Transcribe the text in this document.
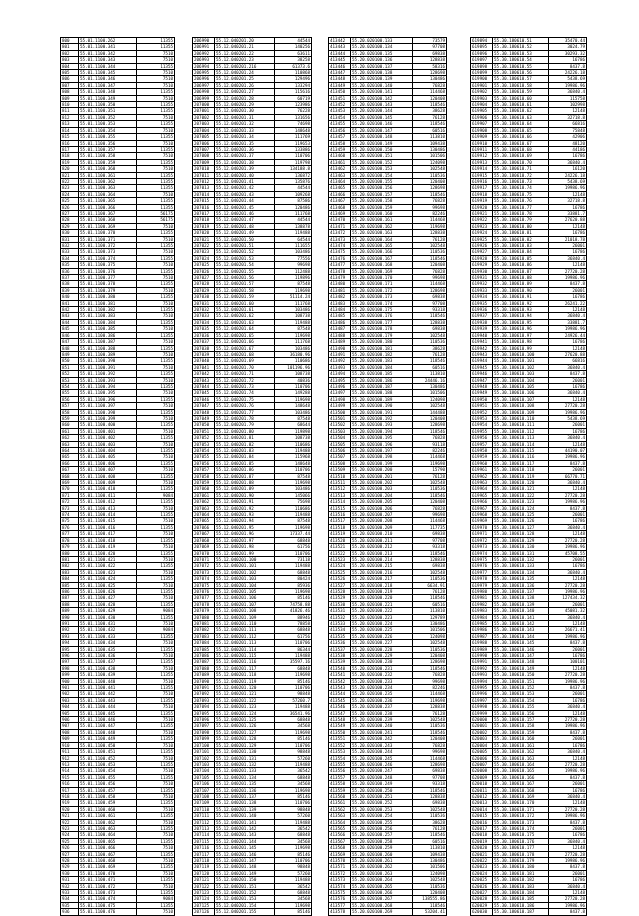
800	55.01.1100.262	11355
801	55.01.1100.341	11355
802	55.01.1100.342	7510
803	55.01.1100.343	7510
804	55.01.1100.344	11355
805	55.01.1100.345	7510
806	55.01.1100.346	7510
807	55.01.1100.347	7510
808	55.01.1100.348	11355
809	55.01.1100.349	7510
810	55.01.1100.350	11355
811	55.01.1100.351	11355
812	55.01.1100.352	7510
813	55.01.1100.353	11355
814	55.01.1100.354	7510
815	55.01.1100.355	11355
816	55.01.1100.356	7510
817	55.01.1100.357	11355
818	55.01.1100.358	7510
819	55.01.1100.359	11355
820	55.01.1100.360	7510
821	55.01.1100.361	11355
822	55.01.1100.362	11355
823	55.01.1100.363	11355
824	55.01.1100.364	7510
825	55.01.1100.365	11355
826	55.01.1100.366	11355
827	55.01.1100.367	56175
828	55.01.1100.368	56175
829	55.01.1100.369	7510
830	55.01.1100.370	11355
831	55.01.1100.371	7510
832	55.01.1100.372	11355
833	55.01.1100.373	7510
834	55.01.1100.374	11355
835	55.01.1100.375	7510
836	55.01.1100.376	11355
837	55.01.1100.377	7510
838	55.01.1100.378	11355
839	55.01.1100.379	7510
840	55.01.1100.380	11355
841	55.01.1100.381	7510
842	55.01.1100.382	11355
843	55.01.1100.383	7510
844	55.01.1100.384	11355
845	55.01.1100.385	7510
846	55.01.1100.386	11355
847	55.01.1100.387	7510
848	55.01.1100.388	11355
849	55.01.1100.389	7510
850	55.01.1100.390	11355
851	55.01.1100.391	7510
852	55.01.1100.392	11355
853	55.01.1100.393	7510
854	55.01.1100.394	11355
855	55.01.1100.395	7510
856	55.01.1100.396	11355
857	55.01.1100.397	7510
858	55.01.1100.398	11355
859	55.01.1100.399	7510
860	55.01.1100.400	11355
861	55.01.1100.401	7510
862	55.01.1100.402	11355
863	55.01.1100.403	7510
864	55.01.1100.404	11355
865	55.01.1100.405	7510
866	55.01.1100.406	11355
867	55.01.1100.407	7510
868	55.01.1100.408	11355
869	55.01.1100.409	7510
870	55.01.1100.410	11355
871	55.01.1100.411	9084
872	55.01.1100.412	11355
873	55.01.1100.413	7510
874	55.01.1100.414	11355
875	55.01.1100.415	7510
876	55.01.1100.416	11355
877	55.01.1100.417	7510
878	55.01.1100.418	11355
879	55.01.1100.419	7510
880	55.01.1100.420	11355
881	55.01.1100.421	7510
882	55.01.1100.422	11355
883	55.01.1100.423	7510
884	55.01.1100.424	11355
885	55.01.1100.425	7510
886	55.01.1100.426	11355
887	55.01.1100.427	7510
888	55.01.1100.428	11355
889	55.01.1100.429	9084
890	55.01.1100.430	11355
891	55.01.1100.431	7510
892	55.01.1100.432	9084
893	55.01.1100.433	11355
894	55.01.1100.434	7510
895	55.01.1100.435	11355
896	55.01.1100.436	7510
897	55.01.1100.437	11355
898	55.01.1100.438	7510
899	55.01.1100.439	11355
900	55.01.1100.440	7510
901	55.01.1100.441	11355
902	55.01.1100.442	7510
903	55.01.1100.443	11355
904	55.01.1100.444	7510
905	55.01.1100.445	11355
906	55.01.1100.446	7510
907	55.01.1100.447	11355
908	55.01.1100.448	7510
909	55.01.1100.449	11355
910	55.01.1100.450	7510
911	55.01.1100.451	11355
912	55.01.1100.452	7510
913	55.01.1100.453	11355
914	55.01.1100.454	7510
915	55.01.1100.455	11355
916	55.01.1100.456	7510
917	55.01.1100.457	11355
918	55.01.1100.458	7510
919	55.01.1100.459	11355
920	55.01.1100.460	7510
921	55.01.1100.461	11355
922	55.01.1100.462	7510
923	55.01.1100.463	11355
924	55.01.1100.464	7510
925	55.01.1100.465	11355
926	55.01.1100.466	7510
927	55.01.1100.467	11355
928	55.01.1100.468	7510
929	55.01.1100.469	11355
930	55.01.1100.470	7510
931	55.01.1100.471	11355
932	55.01.1100.472	7510
933	55.01.1100.473	11355
934	55.01.1100.474	9084
935	55.01.1100.475	11355
936	55.01.1100.476	7510
206990	55.12.040201.20	44544
206991	55.12.040201.21	140256
206992	55.12.040201.22	63611
206993	55.12.040201.23	38258
206994	55.12.040201.216	61373.6
206995	55.12.040201.24	110868
206996	55.12.040201.25	129496
206997	55.12.040201.26	133294
206998	55.12.040201.27	115616
206999	55.12.040201.28	60719
207000	55.12.040201.29	123986
207001	55.12.040201.30	76228
207002	55.12.040201.31	131656
207003	55.12.040201.32	74698
207004	55.12.040201.33	148648
207005	55.12.040201.34	111769
207006	55.12.040201.35	119653
207007	55.12.040201.36	133886
207008	55.12.040201.37	110706
207009	55.12.040201.38	119798
207010	55.12.040201.39	134188.8
207011	55.12.040201.40	136872
207012	55.12.040201.41	135876
207013	55.12.040201.42	44544
207014	55.12.040201.43	109268
207015	55.12.040201.44	87586
207016	55.12.040201.45	120486
207017	55.12.040201.46	111768
207018	55.12.040201.47	44544
207019	55.12.040201.48	138878
207020	55.12.040201.49	119488
207021	55.12.040201.50	64544
207022	55.12.040201.51	111655
207023	55.12.040201.52	103486
207024	55.12.040201.53	77556
207025	55.12.040201.54	99698
207026	55.12.040201.55	112488
207027	55.12.040201.56	119896
207028	55.12.040201.57	87548
207029	55.12.040201.58	119698
207030	55.12.040201.59	51114.24
207031	55.12.040201.60	111768
207032	55.12.040201.61	103486
207033	55.12.040201.62	108738
207034	55.12.040201.63	119488
207035	55.12.040201.64	87548
207036	55.12.040201.65	119698
207037	55.12.040201.66	111768
207038	55.12.040201.67	103486
207039	55.12.040201.68	36180.96
207040	55.12.040201.69	110686
207041	55.12.040201.70	101196.96
207042	55.12.040201.71	108738
207043	55.12.040201.72	40836
207044	55.12.040201.73	110706
207045	55.12.040201.74	149288
207046	55.12.040201.75	119698
207047	55.12.040201.76	148648
207048	55.12.040201.77	103486
207049	55.12.040201.78	87548
207050	55.12.040201.79	68644
207051	55.12.040201.80	119898
207052	55.12.040201.81	108738
207053	55.12.040201.82	110686
207054	55.12.040201.83	119488
207055	55.12.040201.84	115968
207056	55.12.040201.85	148648
207057	55.12.040201.86	110706
207058	55.12.040201.87	87548
207059	55.12.040201.88	119698
207060	55.12.040201.89	103486
207061	55.12.040201.90	145066
207062	55.12.040201.91	75698
207063	55.12.040201.92	110686
207064	55.12.040201.93	119488
207065	55.12.040201.94	87548
207066	55.12.040201.95	119698
207067	55.12.040201.96	17337.44
207068	55.12.040201.97	68848
207069	55.12.040201.98	61756
207070	55.12.040201.99	110706
207071	55.12.040201.100	73118
207072	55.12.040201.101	119488
207073	55.12.040201.102	68848
207074	55.12.040201.103	80424
207075	55.12.040201.104	85936
207076	55.12.040201.105	119698
207077	55.12.040201.106	85146
207078	55.12.040201.107	74758.88
207079	55.12.040201.108	41826.46
207080	55.12.040201.109	88946
207081	55.12.040201.110	78858
207082	55.12.040201.111	68848
207083	55.12.040201.112	61756
207084	55.12.040201.113	110706
207085	55.12.040201.114	86344
207086	55.12.040201.115	119488
207087	55.12.040201.116	35597.16
207088	55.12.040201.117	68848
207089	55.12.040201.118	119698
207090	55.12.040201.119	85146
207091	55.12.040201.120	110706
207092	55.12.040201.121	98848
207093	55.12.040201.122	57260.7
207094	55.12.040201.123	119488
207095	55.12.040201.124	36541.96
207096	55.12.040201.125	68848
207097	55.12.040201.126	34568
207098	55.12.040201.127	119698
207099	55.12.040201.128	85146
207100	55.12.040201.129	110706
207101	55.12.040201.130	98848
207102	55.12.040201.131	57260
207103	55.12.040201.132	119488
207104	55.12.040201.133	36542
207105	55.12.040201.134	68848
207106	55.12.040201.135	34568
207107	55.12.040201.136	119698
207108	55.12.040201.137	85146
207109	55.12.040201.138	110706
207110	55.12.040201.139	98848
207111	55.12.040201.140	57260
207112	55.12.040201.141	119488
207113	55.12.040201.142	36542
207114	55.12.040201.143	68848
207115	55.12.040201.144	34568
207116	55.12.040201.145	119698
207117	55.12.040201.146	85146
207118	55.12.040201.147	110706
207119	55.12.040201.148	98848
207120	55.12.040201.149	57260
207121	55.12.040201.150	119488
207122	55.12.040201.151	36542
207123	55.12.040201.152	68848
207124	55.12.040201.153	34568
207125	55.12.040201.154	119698
207126	55.12.040201.155	85146
413442	55.20.020100.133	73579
413443	55.20.020100.134	97708
413444	55.20.020100.135	69838
413445	55.20.020100.136	128838
413446	55.20.020100.137	58316
413447	55.20.020100.138	128698
413448	55.20.020100.139	130486
413449	55.20.020100.140	76828
413450	55.20.020100.141	114468
413451	55.20.020100.142	120408
413452	55.20.020100.143	118546
413453	55.20.020100.144	38628
413454	55.20.020100.145	76128
413455	55.20.020100.146	118546
413456	55.20.020100.147	60516
413457	55.20.020100.148	113810
413458	55.20.020100.149	109438
413459	55.20.020100.150	130486
413460	55.20.020100.151	101506
413461	55.20.020100.152	124098
413462	55.20.020100.153	102548
413463	55.20.020100.154	110536
413464	55.20.020100.155	120408
413465	55.20.020100.156	128698
413466	55.20.020100.157	118546
413467	55.20.020100.158	76828
413468	55.20.020100.159	99698
413469	55.20.020100.160	82246
413470	55.20.020100.161	114468
413471	55.20.020100.162	119698
413472	55.20.020100.163	128838
413473	55.20.020100.164	76128
413474	55.20.020100.165	102548
413475	55.20.020100.166	110536
413476	55.20.020100.167	118546
413477	55.20.020100.168	120408
413478	55.20.020100.169	76828
413479	55.20.020100.170	99698
413480	55.20.020100.171	114468
413481	55.20.020100.172	128698
413482	55.20.020100.173	69838
413483	55.20.020100.174	97708
413484	55.20.020100.175	93318
413485	55.20.020100.176	118546
413486	55.20.020100.177	128838
413487	55.20.020100.178	69838
413488	55.20.020100.179	102548
413489	55.20.020100.180	110536
413490	55.20.020100.181	38628
413491	55.20.020100.182	76128
413492	55.20.020100.183	118546
413493	55.20.020100.184	60516
413494	55.20.020100.185	113810
413495	55.20.020100.186	24446.16
413496	55.20.020100.187	130486
413497	55.20.020100.188	101506
413498	55.20.020100.189	124098
413499	55.20.020100.190	102548
413500	55.20.020100.191	144488
413501	55.20.020100.192	120408
413502	55.20.020100.193	128698
413503	55.20.020100.194	118546
413504	55.20.020100.195	76828
413505	55.20.020100.196	93118
413506	55.20.020100.197	82246
413507	55.20.020100.198	114468
413508	55.20.020100.199	119698
413509	55.20.020100.200	15790
413510	55.20.020100.201	76128
413511	55.20.020100.202	102548
413512	55.20.020100.203	110536
413513	55.20.020100.204	118546
413514	55.20.020100.205	120408
413515	55.20.020100.206	76828
413516	55.20.020100.207	99698
413517	55.20.020100.208	114468
413518	55.20.020100.209	117735
413519	55.20.020100.210	69838
413520	55.20.020100.211	97708
413521	55.20.020100.212	93318
413522	55.20.020100.213	118546
413523	55.20.020100.214	128838
413524	55.20.020100.215	69838
413525	55.20.020100.216	102548
413526	55.20.020100.217	110536
413527	55.20.020100.218	6634.91
413528	55.20.020100.219	76128
413529	55.20.020100.220	118546
413530	55.20.020100.221	60516
413531	55.20.020100.222	113810
413532	55.20.020100.223	129789
413533	55.20.020100.224	130486
413534	55.20.020100.225	101506
413535	55.20.020100.226	124098
413536	55.20.020100.227	102548
413537	55.20.020100.228	110536
413538	55.20.020100.229	120408
413539	55.20.020100.230	128698
413540	55.20.020100.231	118546
413541	55.20.020100.232	76828
413542	55.20.020100.233	99698
413543	55.20.020100.234	82246
413544	55.20.020100.235	114468
413545	55.20.020100.236	119698
413546	55.20.020100.237	128838
413547	55.20.020100.238	76128
413548	55.20.020100.239	102548
413549	55.20.020100.240	110536
413550	55.20.020100.241	118546
413551	55.20.020100.242	120408
413552	55.20.020100.243	76828
413553	55.20.020100.244	99698
413554	55.20.020100.245	114468
413555	55.20.020100.246	128698
413556	55.20.020100.247	69838
413557	55.20.020100.248	97708
413558	55.20.020100.249	93318
413559	55.20.020100.250	118546
413560	55.20.020100.251	128838
413561	55.20.020100.252	69838
413562	55.20.020100.253	102548
413563	55.20.020100.254	110536
413564	55.20.020100.255	38628
413565	55.20.020100.256	76128
413566	55.20.020100.257	118546
413567	55.20.020100.258	60516
413568	55.20.020100.259	113810
413569	55.20.020100.260	109438
413570	55.20.020100.261	130486
413571	55.20.020100.262	101506
413572	55.20.020100.263	124098
413573	55.20.020100.264	102548
413574	55.20.020100.265	110536
413575	55.20.020100.266	120408
413576	55.20.020100.267	138555.86
413577	55.20.020100.268	118546
413578	55.20.020100.269	53204.41
619894	55.30.180610.51	35470.44
619895	55.30.180610.52	3024.79
619896	55.30.180610.53	30293.32
619897	55.30.180610.54	16786
619898	55.30.180610.55	8437.8
619899	55.30.180610.56	24226.18
619900	55.30.180610.57	5438.69
619901	55.30.180610.58	19986.96
619902	55.30.180610.59	36840.4
619903	55.30.180610.60	115758
619904	55.30.180610.61	102998
619905	55.30.180610.62	12148
619906	55.30.180610.63	32718.8
619907	55.30.180610.64	66816
619908	55.30.180610.65	75848
619909	55.30.180610.66	42906
619910	55.30.180610.67	48120
619911	55.30.180610.68	44186
619912	55.30.180610.69	16786
619913	55.30.180610.70	36840.4
619914	55.30.180610.71	16120
619915	55.30.180610.72	24226.18
619916	55.30.180610.73	5438.69
619917	55.30.180610.74	19986.96
619918	55.30.180610.75	12148
619919	55.30.180610.76	32718.8
619920	55.30.180610.77	16786
619921	55.30.180610.78	33881.7
619922	55.30.180610.79	27620.88
619923	55.30.180610.80	12148
619924	55.30.180610.81	16786
619925	55.30.180610.82	21018.78
619926	55.30.180610.83	26001
619927	55.30.180610.84	16786
619928	55.30.180610.85	36840.4
619929	55.30.180610.86	12148
619930	55.30.180610.87	27720.28
619931	55.30.180610.88	19986.96
619932	55.30.180610.89	8437.8
619933	55.30.180610.90	26001
619934	55.30.180610.91	16786
619935	55.30.180610.92	26241.22
619936	55.30.180610.93	12148
619937	55.30.180610.94	36840.4
619938	55.30.180610.95	33881.7
619939	55.30.180610.96	19986.96
619940	55.30.180610.97	24926.44
619941	55.30.180610.98	16786
619942	55.30.180610.99	12148
619943	55.30.180610.100	27620.88
619944	55.30.180610.101	66816
619945	55.30.180610.102	36840.4
619946	55.30.180610.103	8437.8
619947	55.30.180610.104	26001
619948	55.30.180610.105	16786
619949	55.30.180610.106	36840.4
619950	55.30.180610.107	12148
619951	55.30.180610.108	27720.28
619952	55.30.180610.109	19986.96
619953	55.30.180610.110	5438.69
619954	55.30.180610.111	26001
619955	55.30.180610.112	16786
619956	55.30.180610.113	36840.4
619957	55.30.180610.114	12148
619958	55.30.180610.115	44190.07
619959	55.30.180610.116	19986.96
619960	55.30.180610.117	8437.8
619961	55.30.180610.118	26001
619962	55.30.180610.119	66770.71
619963	55.30.180610.120	36840.4
619964	55.30.180610.121	12148
619965	55.30.180610.122	27720.28
619966	55.30.180610.123	19986.96
619967	55.30.180610.124	8437.8
619968	55.30.180610.125	26001
619969	55.30.180610.126	16786
619970	55.30.180610.127	36840.4
619971	55.30.180610.128	12148
619972	55.30.180610.129	27720.28
619973	55.30.180610.130	19986.96
619974	55.30.180610.131	45708.55
619975	55.30.180610.132	26001
619976	55.30.180610.133	16786
619977	55.30.180610.134	36840.4
619978	55.30.180610.135	12148
619979	55.30.180610.136	27720.28
619980	55.30.180610.137	19986.96
619981	55.30.180610.138	127434.32
619982	55.30.180610.139	26001
619983	55.30.180610.140	45081.32
619984	55.30.180610.141	36840.4
619985	55.30.180610.142	12148
619986	55.30.180610.143	26671.41
619987	55.30.180610.144	19986.96
619988	55.30.180610.145	8437.8
619989	55.30.180610.146	26001
619990	55.30.180610.147	16786
619991	55.30.180610.148	100101
619992	55.30.180610.149	12148
619993	55.30.180610.150	27720.28
619994	55.30.180610.151	19986.96
619995	55.30.180610.152	8437.8
619996	55.30.180610.153	26001
619997	55.30.180610.154	16786
619998	55.30.180610.155	36840.4
619999	55.30.180610.156	12148
620000	55.30.180610.157	27720.28
620001	55.30.180610.158	19986.96
620002	55.30.180610.159	8437.8
620003	55.30.180610.160	26001
620004	55.30.180610.161	16786
620005	55.30.180610.162	36840.4
620006	55.30.180610.163	12148
620007	55.30.180610.164	27720.28
620008	55.30.180610.165	19986.96
620009	55.30.180610.166	8437.8
620010	55.30.180610.167	26001
620011	55.30.180610.168	16786
620012	55.30.180610.169	36840.4
620013	55.30.180610.170	12148
620014	55.30.180610.171	27720.28
620015	55.30.180610.172	19986.96
620016	55.30.180610.173	8437.8
620017	55.30.180610.174	26001
620018	55.30.180610.175	16786
620019	55.30.180610.176	36840.4
620020	55.30.180610.177	12148
620021	55.30.180610.178	27720.28
620022	55.30.180610.179	19986.96
620023	55.30.180610.180	8437.8
620024	55.30.180610.181	26001
620025	55.30.180610.182	16786
620026	55.30.180610.183	36840.4
620027	55.30.180610.184	12148
620028	55.30.180610.185	27720.28
620029	55.30.180610.186	19986.96
620030	55.30.180610.187	8437.8
